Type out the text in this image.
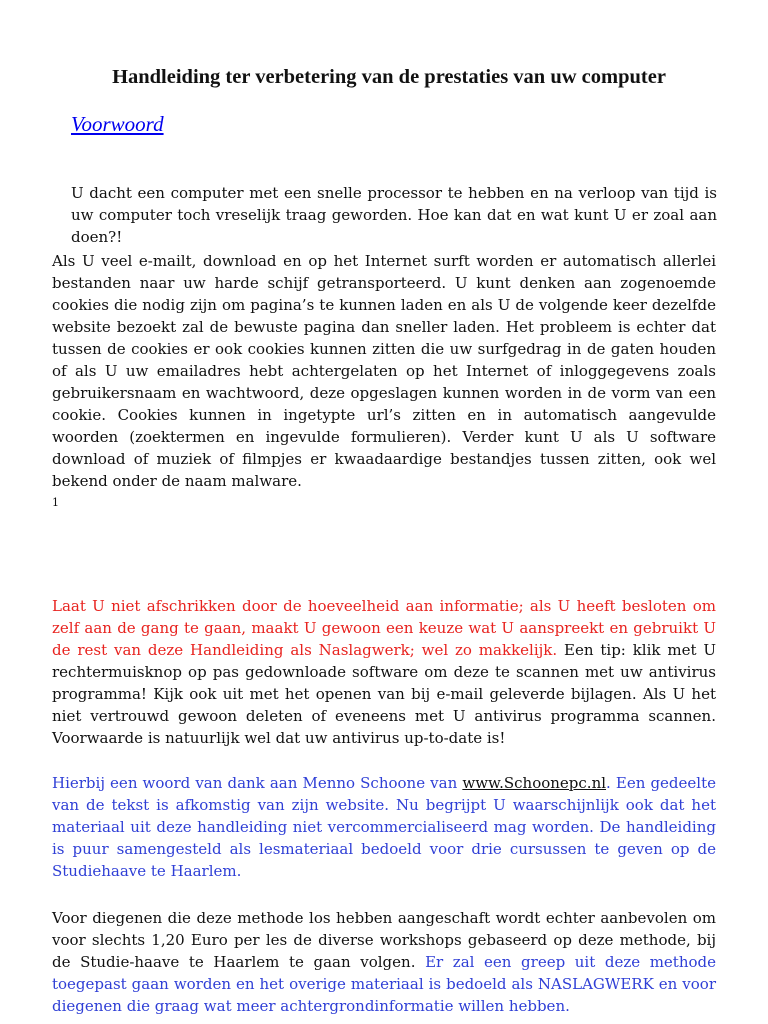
Handleiding ter verbetering van de prestaties van uw computer
Voorwoord

U dacht een computer met een snelle processor te hebben en na verloop van tijd is uw computer toch vreselijk traag geworden. Hoe kan dat en wat kunt U er zoal aan doen?!

Als U veel e-mailt, download en op het Internet surft worden er automatisch allerlei bestanden naar uw harde schijf getransporteerd. U kunt denken aan zogenoemde cookies die nodig zijn om pagina’s te kunnen laden en als U de volgende keer dezelfde website bezoekt zal de bewuste pagina dan sneller laden. Het probleem is echter dat tussen de cookies er ook cookies kunnen zitten die uw surfgedrag in de gaten houden of als U uw emailadres hebt achtergelaten op het Internet of inloggegevens zoals gebruikersnaam en wachtwoord, deze opgeslagen kunnen worden in de vorm van een cookie. Cookies kunnen in ingetypte url’s zitten en in automatisch aangevulde woorden (zoektermen en ingevulde formulieren). Verder kunt U als U software download of muziek of filmpjes er kwaadaardige bestandjes tussen zitten, ook wel bekend onder de naam malware.

1

Laat U niet afschrikken door de hoeveelheid aan informatie; als U heeft besloten om zelf aan de gang te gaan, maakt U gewoon een keuze wat U aanspreekt en gebruikt U de rest van deze Handleiding als Naslagwerk; wel zo makkelijk. Een tip: klik met U rechtermuisknop op pas gedownloade software om deze te scannen met uw antivirus programma! Kijk ook uit met het openen van bij e-mail geleverde bijlagen. Als U het niet vertrouwd gewoon deleten of eveneens met U antivirus programma scannen. Voorwaarde is natuurlijk wel dat uw antivirus up-to-date is!

Hierbij een woord van dank aan Menno Schoone van www.Schoonepc.nl. Een gedeelte van de tekst is afkomstig van zijn website. Nu begrijpt U waarschijnlijk ook dat het materiaal uit deze handleiding niet vercommercialiseerd mag worden. De handleiding is puur samengesteld als lesmateriaal bedoeld voor drie cursussen te geven op de Studiehaave te Haarlem.

Voor diegenen die deze methode los hebben aangeschaft wordt echter aanbevolen om voor slechts 1,20 Euro per les de diverse workshops gebaseerd op deze methode, bij de Studie-haave te Haarlem te gaan volgen. Er zal een greep uit deze methode toegepast gaan worden en het overige materiaal is bedoeld als NASLAGWERK en voor diegenen die graag wat meer achtergrondinformatie willen hebben.
